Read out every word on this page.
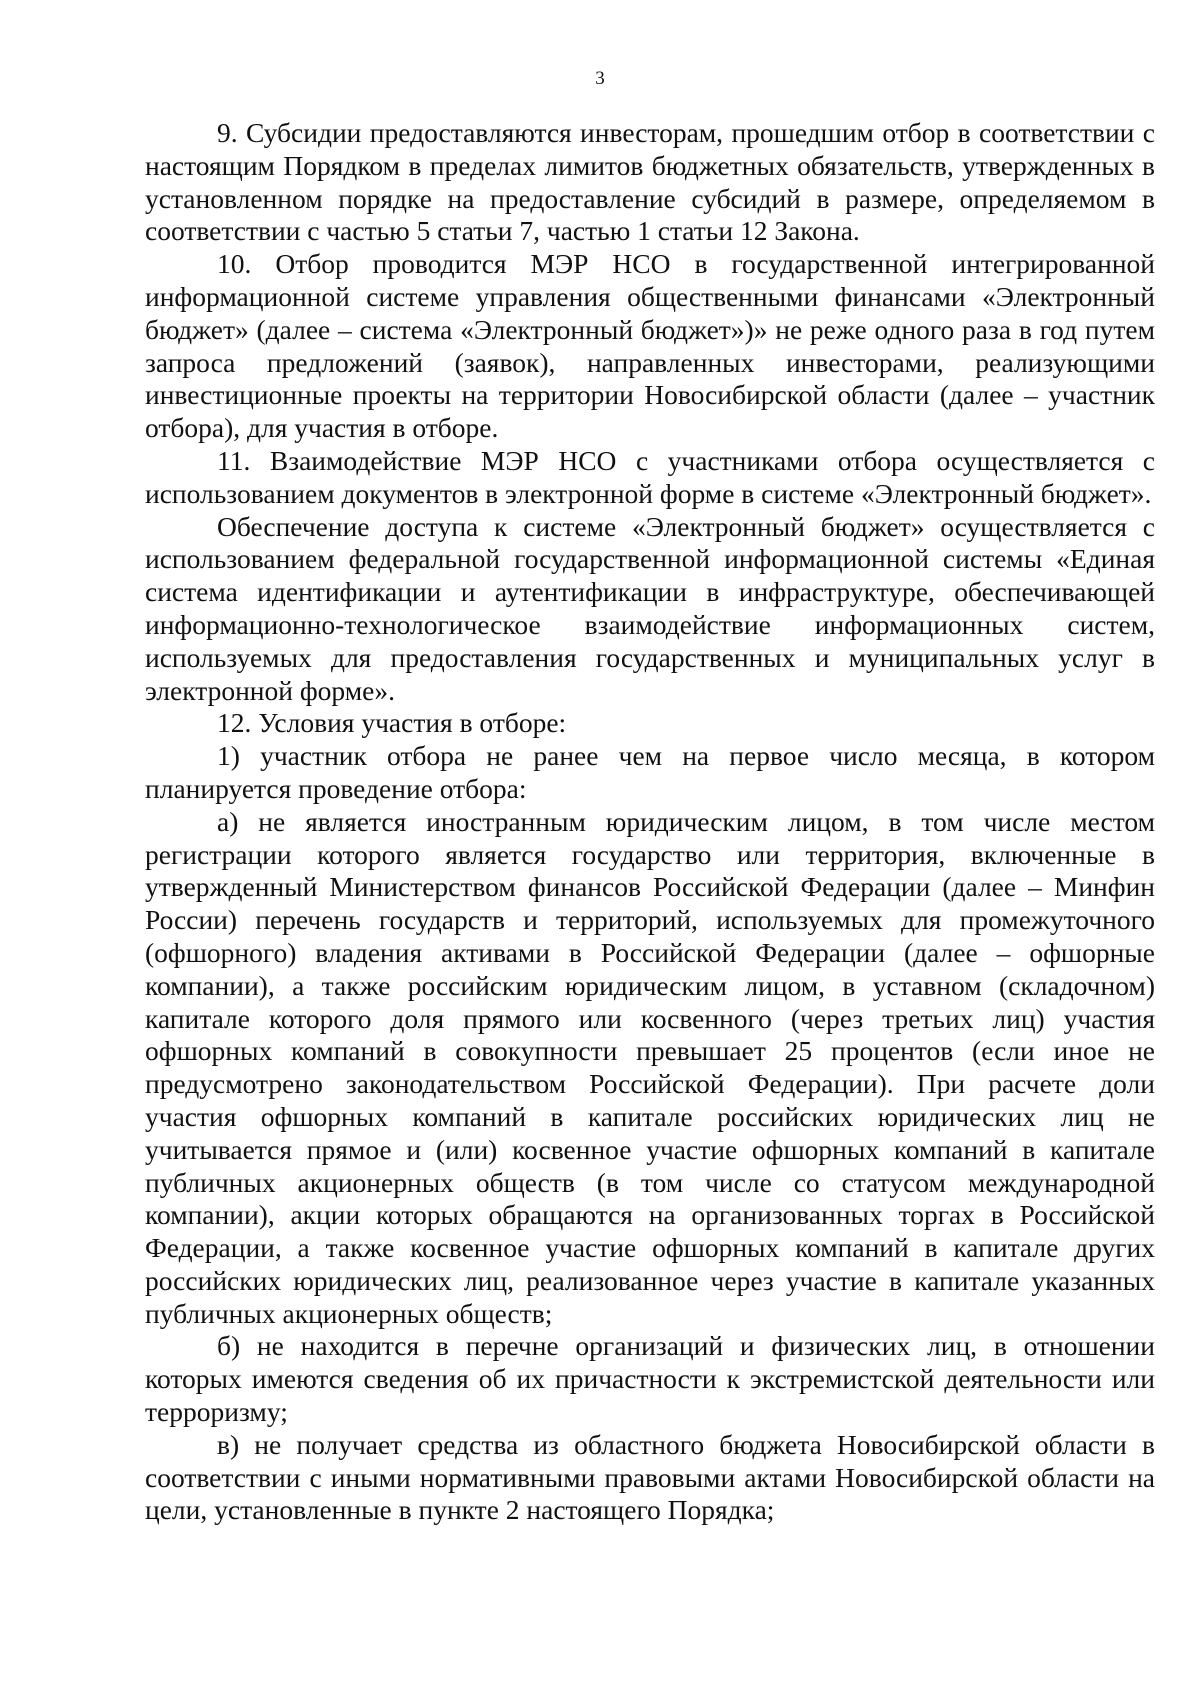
3

9. Субсидии предоставляются инвесторам, прошедшим отбор в соответствии с настоящим Порядком в пределах лимитов бюджетных обязательств, утвержденных в установленном порядке на предоставление субсидий в размере, определяемом в соответствии с частью 5 статьи 7, частью 1 статьи 12 Закона.

10. Отбор проводится МЭР НСО в государственной интегрированной информационной системе управления общественными финансами «Электронный бюджет» (далее – система «Электронный бюджет»)» не реже одного раза в год путем запроса предложений (заявок), направленных инвесторами, реализующими инвестиционные проекты на территории Новосибирской области (далее – участник отбора), для участия в отборе.

11. Взаимодействие МЭР НСО с участниками отбора осуществляется с использованием документов в электронной форме в системе «Электронный бюджет».

Обеспечение доступа к системе «Электронный бюджет» осуществляется с использованием федеральной государственной информационной системы «Единая система идентификации и аутентификации в инфраструктуре, обеспечивающей информационно-технологическое взаимодействие информационных систем, используемых для предоставления государственных и муниципальных услуг в электронной форме».

12. Условия участия в отборе:

1) участник отбора не ранее чем на первое число месяца, в котором планируется проведение отбора:

а) не является иностранным юридическим лицом, в том числе местом регистрации которого является государство или территория, включенные в утвержденный Министерством финансов Российской Федерации (далее – Минфин России) перечень государств и территорий, используемых для промежуточного (офшорного) владения активами в Российской Федерации (далее – офшорные компании), а также российским юридическим лицом, в уставном (складочном) капитале которого доля прямого или косвенного (через третьих лиц) участия офшорных компаний в совокупности превышает 25 процентов (если иное не предусмотрено законодательством Российской Федерации). При расчете доли участия офшорных компаний в капитале российских юридических лиц не учитывается прямое и (или) косвенное участие офшорных компаний в капитале публичных акционерных обществ (в том числе со статусом международной компании), акции которых обращаются на организованных торгах в Российской Федерации, а также косвенное участие офшорных компаний в капитале других российских юридических лиц, реализованное через участие в капитале указанных публичных акционерных обществ;

б) не находится в перечне организаций и физических лиц, в отношении которых имеются сведения об их причастности к экстремистской деятельности или терроризму;

в) не получает средства из областного бюджета Новосибирской области в соответствии с иными нормативными правовыми актами Новосибирской области на цели, установленные в пункте 2 настоящего Порядка;
